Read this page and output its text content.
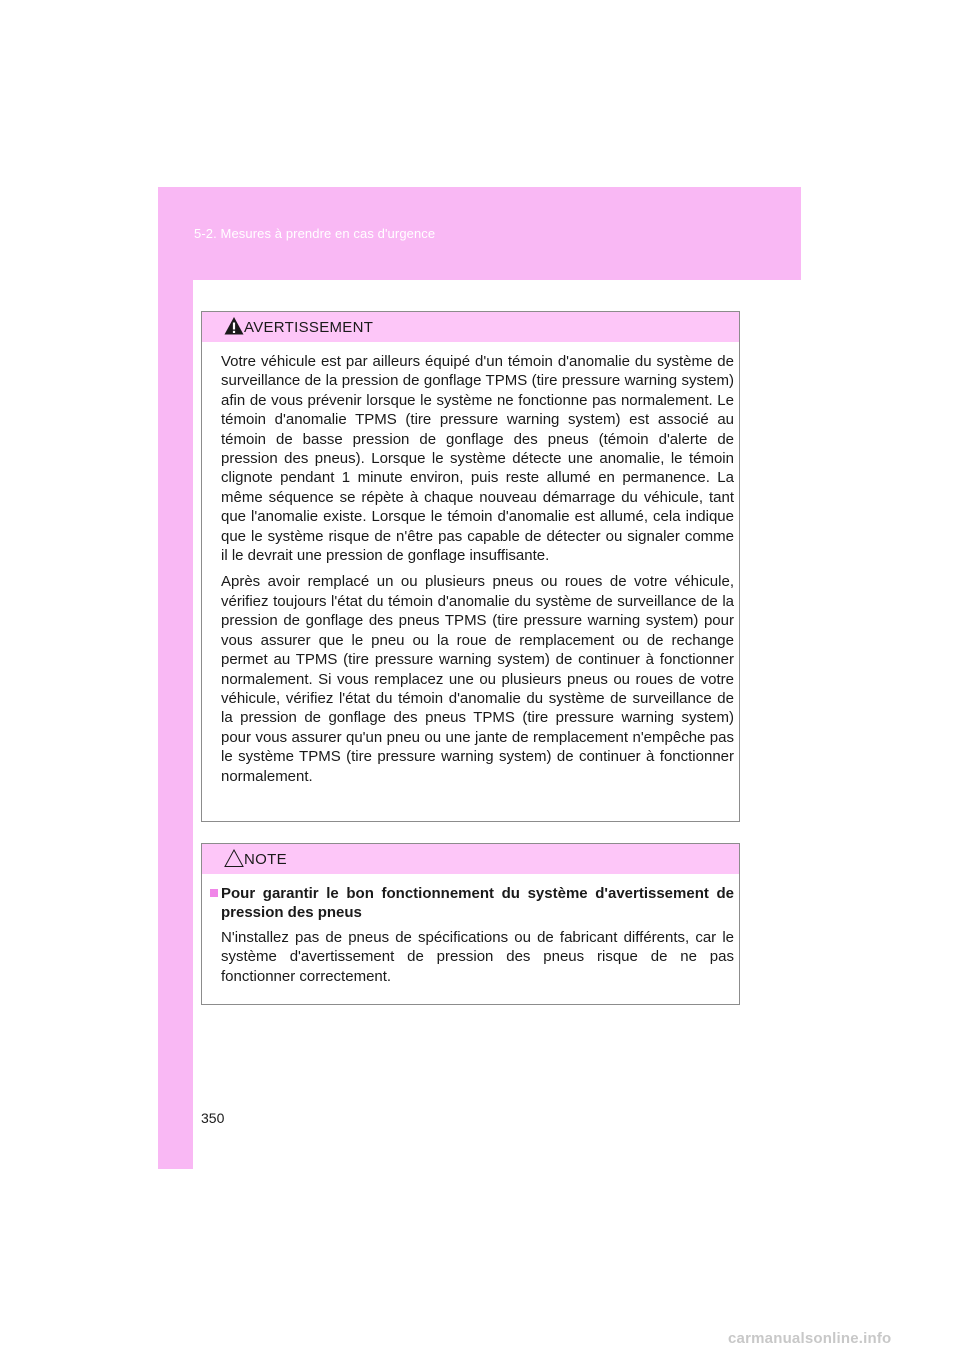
5-2. Mesures à prendre en cas d'urgence
AVERTISSEMENT

Votre véhicule est par ailleurs équipé d'un témoin d'anomalie du système de surveillance de la pression de gonflage TPMS (tire pressure warning system) afin de vous prévenir lorsque le système ne fonctionne pas normalement. Le témoin d'anomalie TPMS (tire pressure warning system) est associé au témoin de basse pression de gonflage des pneus (témoin d'alerte de pression des pneus). Lorsque le système détecte une anomalie, le témoin clignote pendant 1 minute environ, puis reste allumé en permanence. La même séquence se répète à chaque nouveau démarrage du véhicule, tant que l'anomalie existe. Lorsque le témoin d'anomalie est allumé, cela indique que le système risque de n'être pas capable de détecter ou signaler comme il le devrait une pression de gonflage insuffisante.

Après avoir remplacé un ou plusieurs pneus ou roues de votre véhicule, vérifiez toujours l'état du témoin d'anomalie du système de surveillance de la pression de gonflage des pneus TPMS (tire pressure warning system) pour vous assurer que le pneu ou la roue de remplacement ou de rechange permet au TPMS (tire pressure warning system) de continuer à fonctionner normalement. Si vous remplacez une ou plusieurs pneus ou roues de votre véhicule, vérifiez l'état du témoin d'anomalie du système de surveillance de la pression de gonflage des pneus TPMS (tire pressure warning system) pour vous assurer qu'un pneu ou une jante de remplacement n'empêche pas le système TPMS (tire pressure warning system) de continuer à fonctionner normalement.

NOTE

Pour garantir le bon fonctionnement du système d'avertissement de pression des pneus

N'installez pas de pneus de spécifications ou de fabricant différents, car le système d'avertissement de pression des pneus risque de ne pas fonctionner correctement.

350
carmanualsonline.info
